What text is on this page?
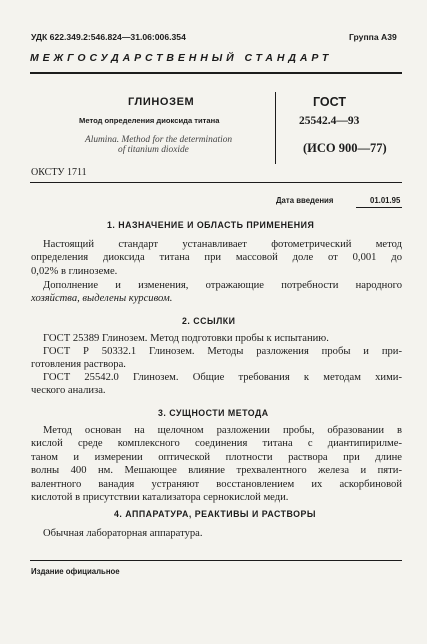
УДК 622.349.2:546.824—31.06:006.354	Группа А39
МЕЖГОСУДАРСТВЕННЫЙ СТАНДАРТ
ГЛИНОЗЕМ
Метод определения диоксида титана
Alumina. Method for the determination
of titanium dioxide
ГОСТ
25542.4—93
(ИСО 900—77)
ОКСТУ 1711
Дата введения	01.01.95
1. НАЗНАЧЕНИЕ И ОБЛАСТЬ ПРИМЕНЕНИЯ
Настоящий стандарт устанавливает фотометрический метод
определения диоксида титана при массовой доле от 0,001 до
0,02% в глиноземе.
Дополнение и изменения, отражающие потребности народного
хозяйства, выделены курсивом.
2. ССЫЛКИ
ГОСТ 25389 Глинозем. Метод подготовки пробы к испытанию.
ГОСТ Р 50332.1 Глинозем. Методы разложения пробы и при-
готовления раствора.
ГОСТ 25542.0 Глинозем. Общие требования к методам хими-
ческого анализа.
3. СУЩНОСТИ МЕТОДА
Метод основан на щелочном разложении пробы, образовании в
кислой среде комплексного соединения титана с диантипирилме-
таном и измерении оптической плотности раствора при длине
волны 400 нм. Мешающее влияние трехвалентного железа и пяти-
валентного ванадия устраняют восстановлением их аскорбиновой
кислотой в присутствии катализатора сернокислой меди.
4. АППАРАТУРА, РЕАКТИВЫ И РАСТВОРЫ
Обычная лабораторная аппаратура.
Издание официальное
